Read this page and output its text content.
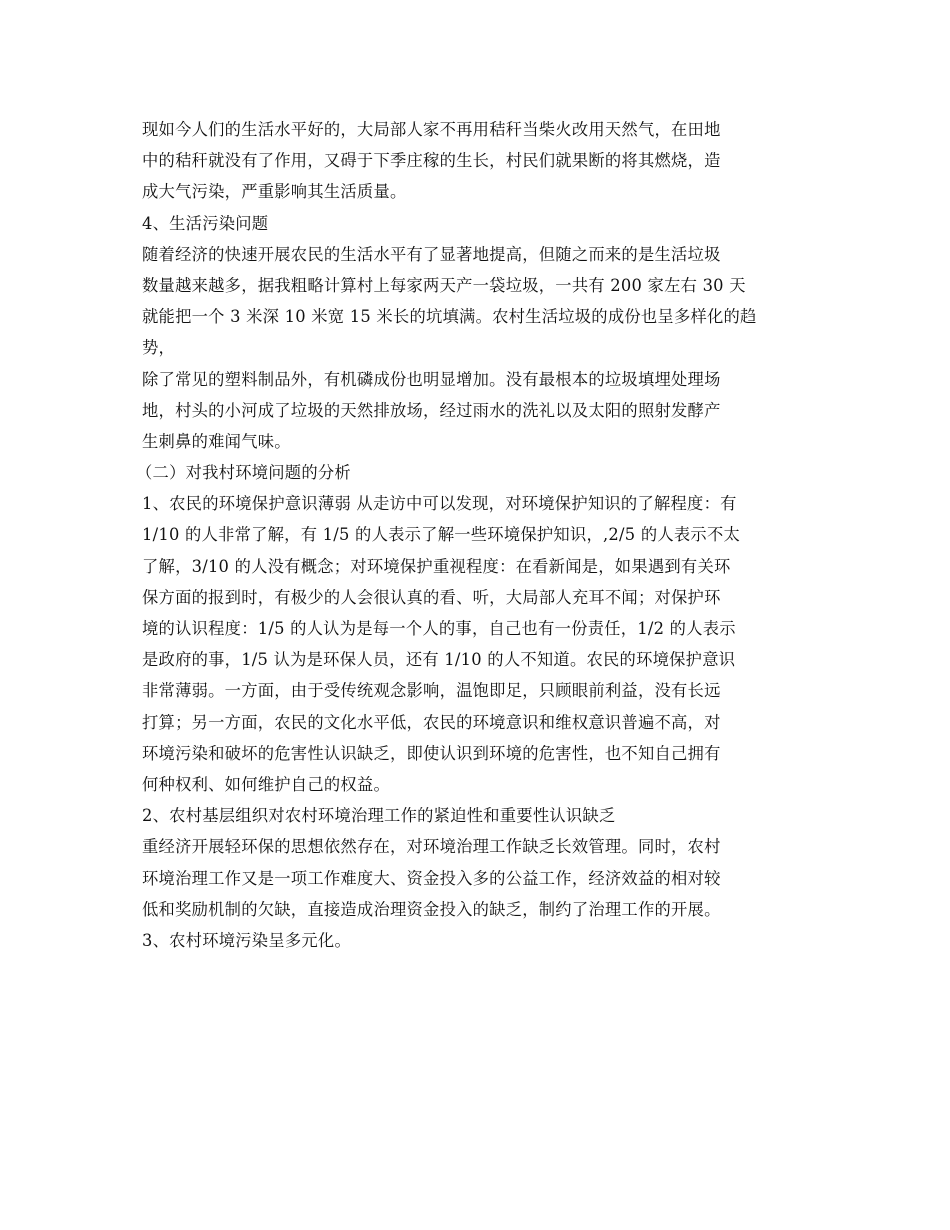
现如今人们的生活水平好的，大局部人家不再用秸秆当柴火改用天然气，在田地
中的秸秆就没有了作用，又碍于下季庄稼的生长，村民们就果断的将其燃烧，造
成大气污染，严重影响其生活质量。
4、生活污染问题
随着经济的快速开展农民的生活水平有了显著地提高，但随之而来的是生活垃圾
数量越来越多，据我粗略计算村上每家两天产一袋垃圾，一共有 200 家左右 30 天
就能把一个 3 米深 10 米宽 15 米长的坑填满。农村生活垃圾的成份也呈多样化的趋
势，
除了常见的塑料制品外，有机磷成份也明显增加。没有最根本的垃圾填埋处理场
地，村头的小河成了垃圾的天然排放场，经过雨水的洗礼以及太阳的照射发酵产
生刺鼻的难闻气味。
（二）对我村环境问题的分析
1、农民的环境保护意识薄弱 从走访中可以发现，对环境保护知识的了解程度：有
1/10 的人非常了解，有 1/5 的人表示了解一些环境保护知识，,2/5 的人表示不太
了解，3/10 的人没有概念；对环境保护重视程度：在看新闻是，如果遇到有关环
保方面的报到时，有极少的人会很认真的看、听，大局部人充耳不闻；对保护环
境的认识程度：1/5 的人认为是每一个人的事，自己也有一份责任，1/2 的人表示
是政府的事，1/5 认为是环保人员，还有 1/10 的人不知道。农民的环境保护意识
非常薄弱。一方面，由于受传统观念影响，温饱即足，只顾眼前利益，没有长远
打算；另一方面，农民的文化水平低，农民的环境意识和维权意识普遍不高，对
环境污染和破坏的危害性认识缺乏，即使认识到环境的危害性，也不知自己拥有
何种权利、如何维护自己的权益。
2、农村基层组织对农村环境治理工作的紧迫性和重要性认识缺乏
重经济开展轻环保的思想依然存在，对环境治理工作缺乏长效管理。同时，农村
环境治理工作又是一项工作难度大、资金投入多的公益工作，经济效益的相对较
低和奖励机制的欠缺，直接造成治理资金投入的缺乏，制约了治理工作的开展。
3、农村环境污染呈多元化。
